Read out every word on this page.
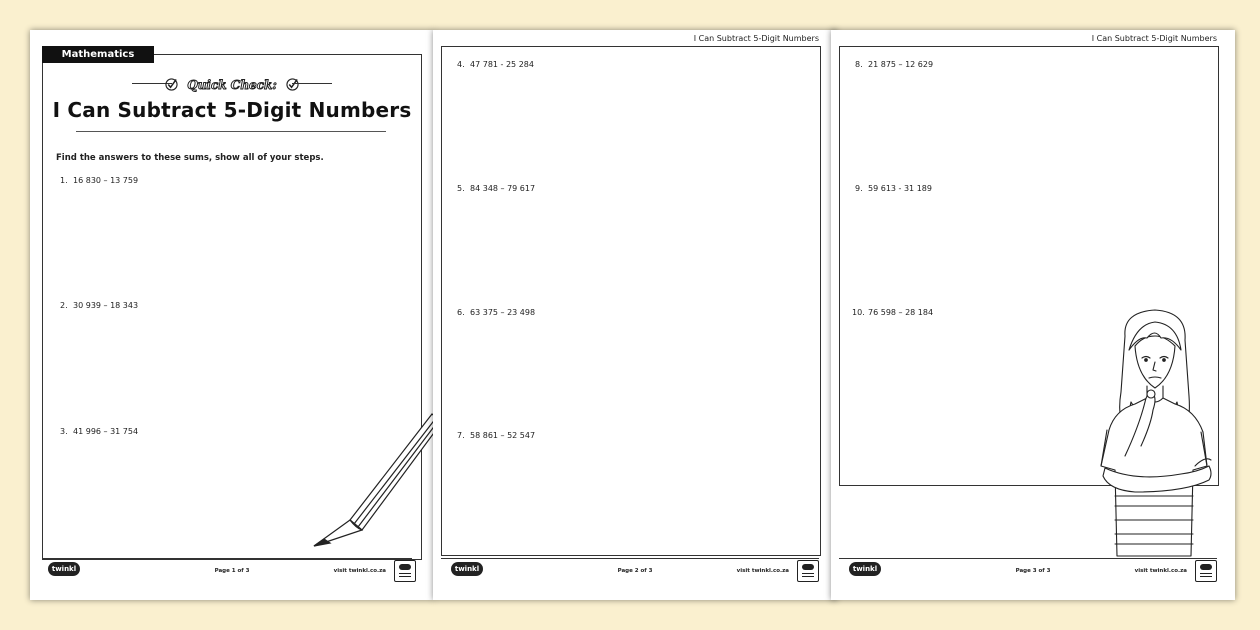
Mathematics
Quick Check:
I Can Subtract 5-Digit Numbers
Find the answers to these sums, show all of your steps.
1. 16 830 – 13 759
2. 30 939 – 18 343
3. 41 996 – 31 754
twinkl	Page 1 of 3	visit twinkl.co.za
I Can Subtract 5-Digit Numbers
4. 47 781 - 25 284
5. 84 348 – 79 617
6. 63 375 – 23 498
7. 58 861 – 52 547
twinkl	Page 2 of 3	visit twinkl.co.za
I Can Subtract 5-Digit Numbers
8. 21 875 – 12 629
9. 59 613 - 31 189
10. 76 598 – 28 184
twinkl	Page 3 of 3	visit twinkl.co.za
